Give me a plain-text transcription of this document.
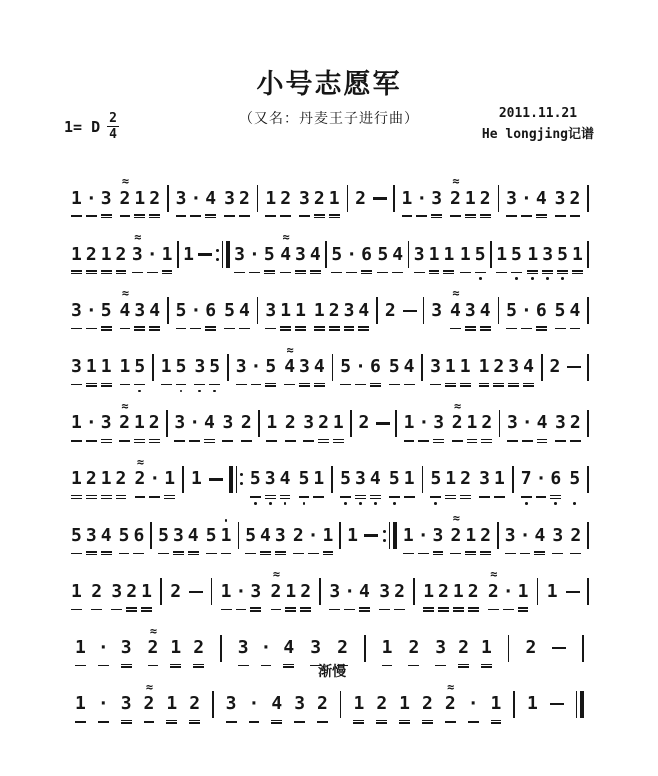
小号志愿军
（又名：丹麦王子进行曲）
1= D $\frac{2}{4}$	2011.11.21
He longjing记谱
1 · 3
≈
2 1 2 3 · 4 3 2 1 2 3 2 1 2 1 · 3
≈
2 1 2 3 · 4 3 2
1 2 1 2
≈
3 · 1 1 3 · 5
≈
4 3 4 5 · 6 5 4 3 1 1 1 5 1 5 1 3 5 1
3 · 5
≈
4 3 4 5 · 6 5 4 3 1 1 1 2 3 4 2 3
≈
4 3 4 5 · 6 5 4
3 1 1 1 5 1 5 3 5 3 · 5
≈
4 3 4 5 · 6 5 4 3 1 1 1 2 3 4 2
1 · 3
≈
2 1 2 3 · 4 3 2 1 2 3 2 1 2 1 · 3
≈
2 1 2 3 · 4 3 2
1 2 1 2
≈
2 · 1 1	5 3 4 5 1 5 3 4 5 1 5 1 2 3 1 7 · 6 5
5 3 4 5 6 5 3 4 5 1 5 4 3 2 · 1 1 1 · 3
≈
2 1 2 3 · 4 3 2
1 2 3 2 1 2 1 · 3
≈
2 1 2 3 · 4 3 2 1 2 1 2
≈
2 · 1 1
1 · 3
≈
2 1 2 3 · 4 3 2 1 2 3 2 1 2
1 · 3
≈
2 1 2 3 · 4 3 2 1 2 1 2
≈
2 · 1 1
渐慢
